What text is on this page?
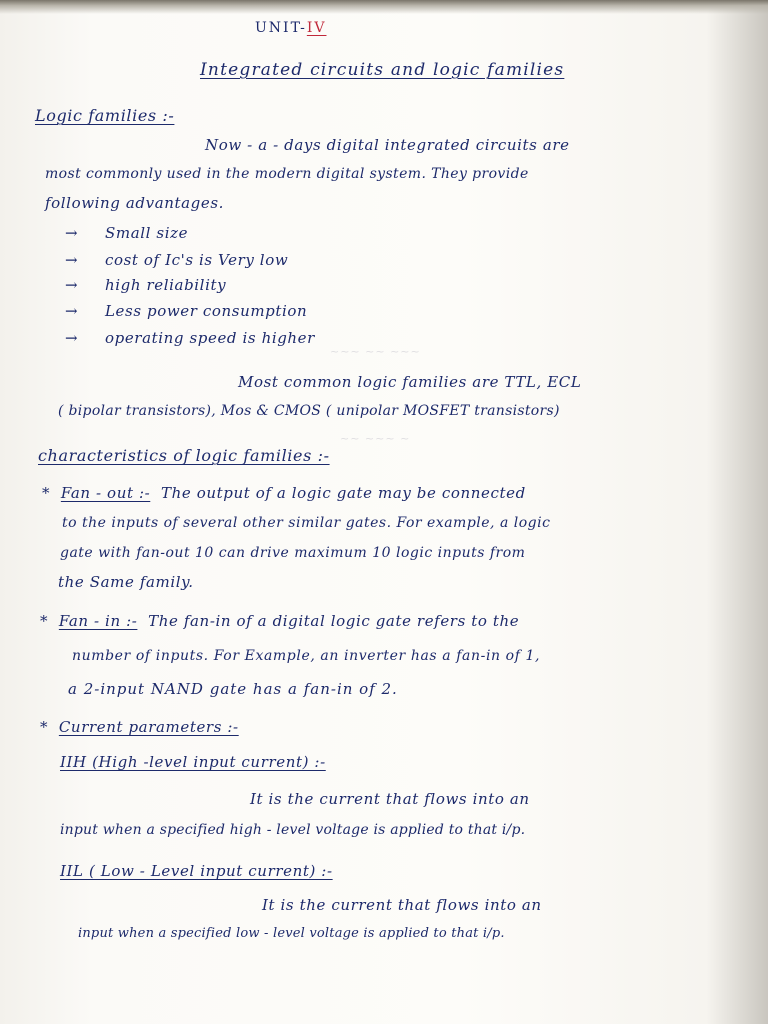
~~~ ~~ ~~~
~~ ~~~ ~
UNIT-IV
Integrated circuits and logic families
Logic families :-
Now - a - days digital integrated circuits are
most commonly used in the modern digital system. They provide
following advantages.
→ Small size
→ cost of Ic's is Very low
→ high reliability
→ Less power consumption
→ operating speed is higher
Most common logic families are TTL, ECL
( bipolar transistors), Mos & CMOS ( unipolar MOSFET transistors)
characteristics of logic families :-
* Fan - out :- The output of a logic gate may be connected
to the inputs of several other similar gates. For example, a logic
gate with fan-out 10 can drive maximum 10 logic inputs from
the Same family.
* Fan - in :- The fan-in of a digital logic gate refers to the
number of inputs. For Example, an inverter has a fan-in of 1,
a 2-input NAND gate has a fan-in of 2.
* Current parameters :-
IIH (High -level input current) :-
It is the current that flows into an
input when a specified high - level voltage is applied to that i/p.
IIL ( Low - Level input current) :-
It is the current that flows into an
input when a specified low - level voltage is applied to that i/p.
